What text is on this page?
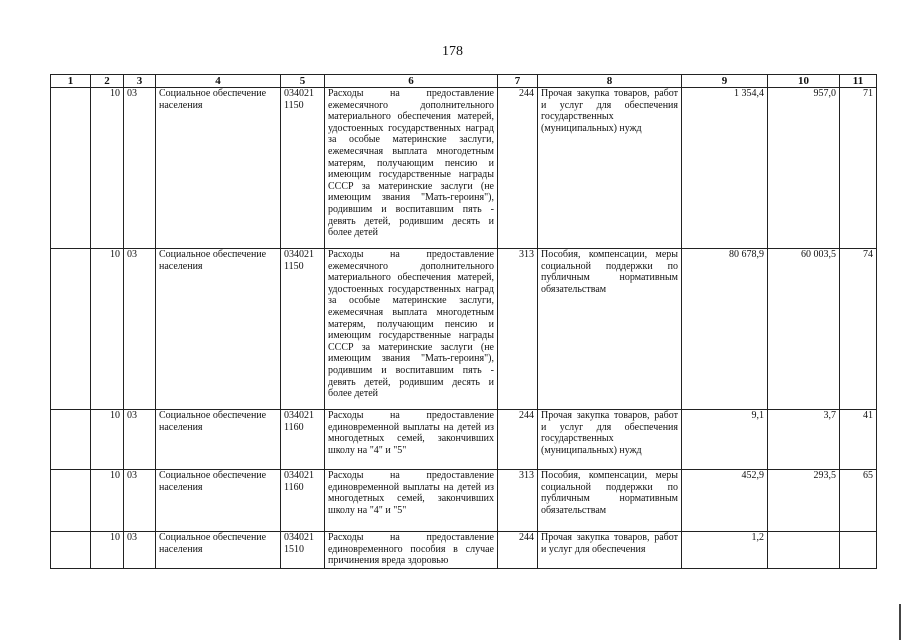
178
1	2	3	4	5	6	7	8	9	10	11
	10	03	Социальное обеспечение населения	034021 1150	Расходы на предоставление ежемесячного дополнительного материального обеспечения матерей, удостоенных государственных наград за особые материнские заслуги, ежемесячная выплата многодетным матерям, получающим пенсию и имеющим государственные награды СССР за материнские заслуги (не имеющим звания "Мать-героиня"), родившим и воспитавшим пять - девять детей, родившим десять и более детей	244	Прочая закупка товаров, работ и услуг для обеспечения государственных (муниципальных) нужд	1 354,4	957,0	71
	10	03	Социальное обеспечение населения	034021 1150	Расходы на предоставление ежемесячного дополнительного материального обеспечения матерей, удостоенных государственных наград за особые материнские заслуги, ежемесячная выплата многодетным матерям, получающим пенсию и имеющим государственные награды СССР за материнские заслуги (не имеющим звания "Мать-героиня"), родившим и воспитавшим пять - девять детей, родившим десять и более детей	313	Пособия, компенсации, меры социальной поддержки по публичным нормативным обязательствам	80 678,9	60 003,5	74
	10	03	Социальное обеспечение населения	034021 1160	Расходы на предоставление единовременной выплаты на детей из многодетных семей, закончивших школу на "4" и "5"	244	Прочая закупка товаров, работ и услуг для обеспечения государственных (муниципальных) нужд	9,1	3,7	41
	10	03	Социальное обеспечение населения	034021 1160	Расходы на предоставление единовременной выплаты на детей из многодетных семей, закончивших школу на "4" и "5"	313	Пособия, компенсации, меры социальной поддержки по публичным нормативным обязательствам	452,9	293,5	65
	10	03	Социальное обеспечение населения	034021 1510	Расходы на предоставление единовременного пособия в случае причинения вреда здоровью	244	Прочая закупка товаров, работ и услуг для обеспечения	1,2		
